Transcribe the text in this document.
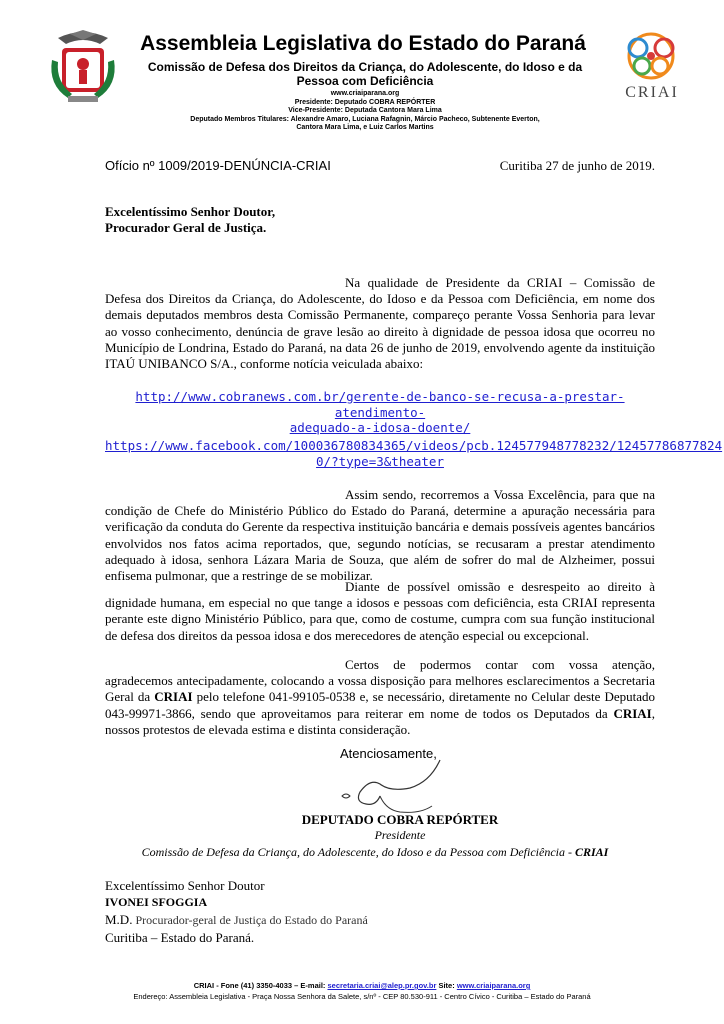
Assembleia Legislativa do Estado do Paraná
Comissão de Defesa dos Direitos da Criança, do Adolescente, do Idoso e da
Pessoa com Deficiência
www.criaiparana.org
Presidente: Deputado COBRA REPÓRTER
Vice-Presidente: Deputada Cantora Mara Lima
Deputado Membros Titulares: Alexandre Amaro, Luciana Rafagnin, Márcio Pacheco, Subtenente Everton,
Cantora Mara Lima, e Luiz Carlos Martins
CRIAI
Ofício nº 1009/2019-DENÚNCIA-CRIAI	Curitiba 27 de junho de 2019.
Excelentíssimo Senhor Doutor,
Procurador Geral de Justiça.
Na qualidade de Presidente da CRIAI – Comissão de Defesa dos Direitos da Criança, do Adolescente, do Idoso e da Pessoa com Deficiência, em nome dos demais deputados membros desta Comissão Permanente, compareço perante Vossa Senhoria para levar ao vosso conhecimento, denúncia de grave lesão ao direito à dignidade de pessoa idosa que ocorreu no Município de Londrina, Estado do Paraná, na data 26 de junho de 2019, envolvendo agente da instituição ITAÚ UNIBANCO S/A., conforme notícia veiculada abaixo:
http://www.cobranews.com.br/gerente-de-banco-se-recusa-a-prestar-atendimento-
adequado-a-idosa-doente/
https://www.facebook.com/100036780834365/videos/pcb.124577948778232/12457786877824
0/?type=3&theater
Assim sendo, recorremos a Vossa Excelência, para que na condição de Chefe do Ministério Público do Estado do Paraná, determine a apuração necessária para verificação da conduta do Gerente da respectiva instituição bancária e demais possíveis agentes bancários envolvidos nos fatos acima reportados, que, segundo notícias, se recusaram a prestar atendimento adequado à idosa, senhora Lázara Maria de Souza, que além de sofrer do mal de Alzheimer, possui enfisema pulmonar, que a restringe de se mobilizar.
Diante de possível omissão e desrespeito ao direito à dignidade humana, em especial no que tange a idosos e pessoas com deficiência, esta CRIAI representa perante este digno Ministério Público, para que, como de costume, cumpra com sua função institucional de defesa dos direitos da pessoa idosa e dos merecedores de atenção especial ou excepcional.
Certos de podermos contar com vossa atenção, agradecemos antecipadamente, colocando a vossa disposição para melhores esclarecimentos a Secretaria Geral da CRIAI pelo telefone 041-99105-0538 e, se necessário, diretamente no Celular deste Deputado 043-99971-3866, sendo que aproveitamos para reiterar em nome de todos os Deputados da CRIAI, nossos protestos de elevada estima e distinta consideração.
Atenciosamente,
DEPUTADO COBRA REPÓRTER
Presidente
Comissão de Defesa da Criança, do Adolescente, do Idoso e da Pessoa com Deficiência - CRIAI
Excelentíssimo Senhor Doutor
IVONEI SFOGGIA
M.D. Procurador-geral de Justiça do Estado do Paraná
Curitiba – Estado do Paraná.
CRIAI - Fone (41) 3350-4033 – E-mail: secretaria.criai@alep.pr.gov.br Site: www.criaiparana.org
Endereço: Assembleia Legislativa - Praça Nossa Senhora da Salete, s/nº - CEP 80.530-911 - Centro Cívico - Curitiba – Estado do Paraná
